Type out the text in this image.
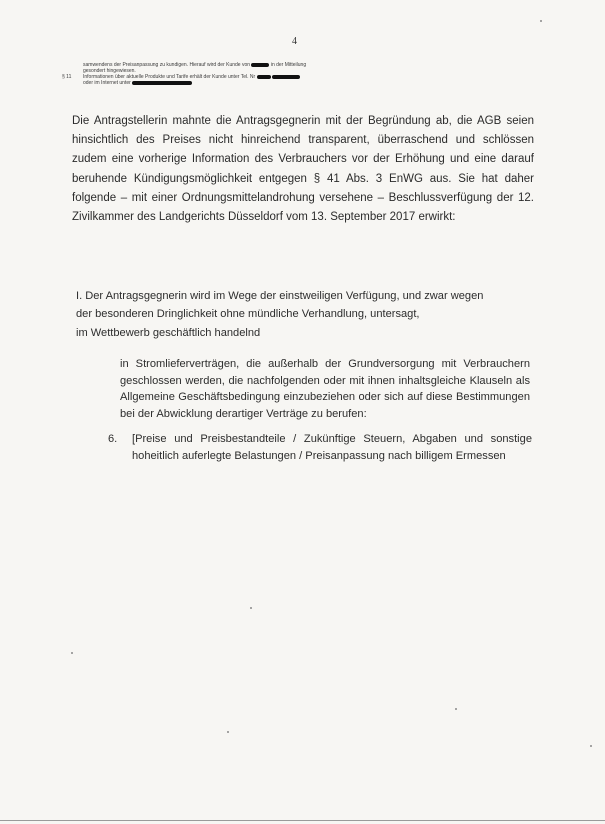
4
samwendens der Preisanpassung zu kundigen. Hierauf wird der Kunde von	in der Mitteilung
gesondert hingewiesen.
§ 11 Informationen über aktuelle Produkte und Tarife erhält der Kunde unter Tel. Nr
oder im Internet unter
Die Antragstellerin mahnte die Antragsgegnerin mit der Begründung ab, die AGB seien hinsichtlich des Preises nicht hinreichend transparent, überraschend und schlössen zudem eine vorherige Information des Verbrauchers vor der Erhöhung und eine darauf beruhende Kündigungsmöglichkeit entgegen § 41 Abs. 3 EnWG aus. Sie hat daher folgende – mit einer Ordnungsmittelandrohung versehene – Beschlussverfügung der 12. Zivilkammer des Landgerichts Düsseldorf vom 13. September 2017 erwirkt:
I. Der Antragsgegnerin wird im Wege der einstweiligen Verfügung, und zwar wegen
der besonderen Dringlichkeit ohne mündliche Verhandlung, untersagt,
im Wettbewerb geschäftlich handelnd
in Stromlieferverträgen, die außerhalb der Grundversorgung mit Verbrauchern geschlossen werden, die nachfolgenden oder mit ihnen inhaltsgleiche Klauseln als Allgemeine Geschäftsbedingung einzubeziehen oder sich auf diese Bestimmungen bei der Abwicklung derartiger Verträge zu berufen:
6. [Preise und Preisbestandteile / Zukünftige Steuern, Abgaben und sonstige hoheitlich auferlegte Belastungen / Preisanpassung nach billigem Ermessen
